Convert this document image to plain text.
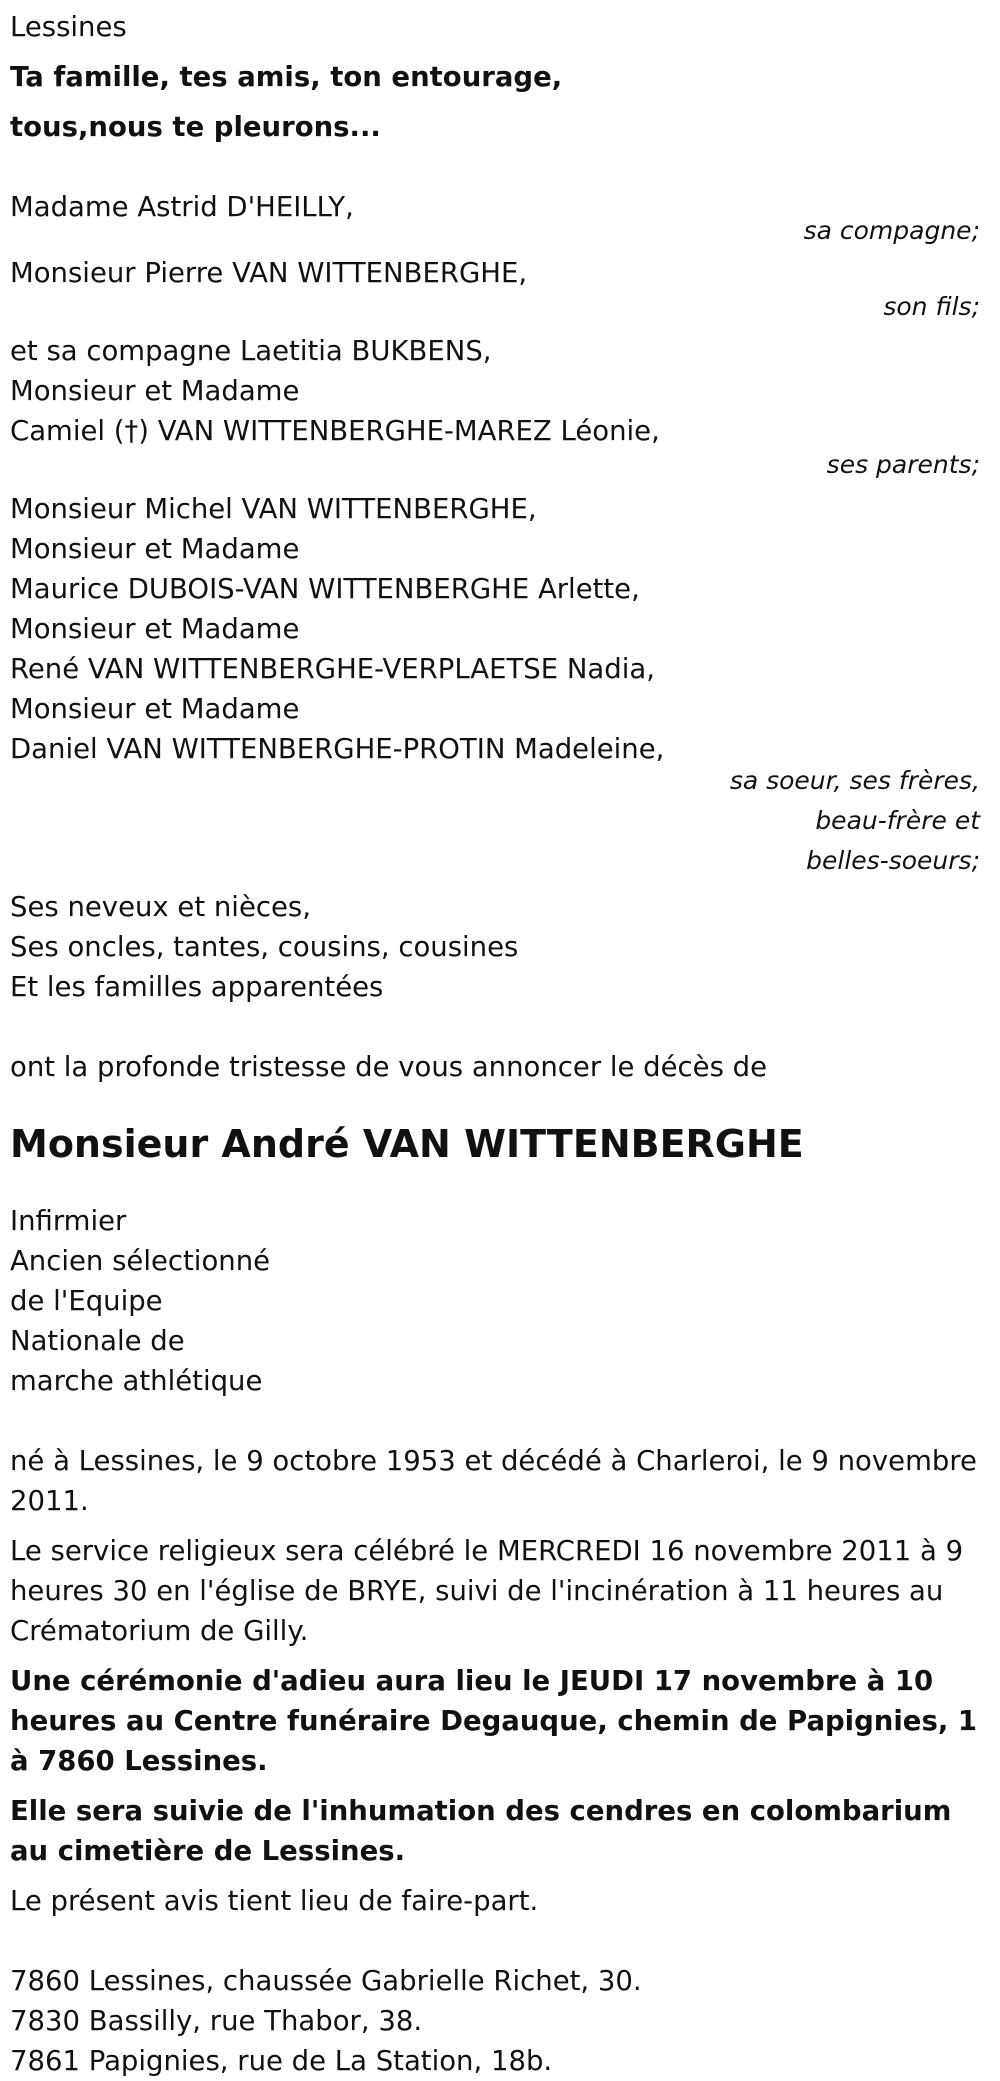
Lessines
Ta famille, tes amis, ton entourage,
tous,nous te pleurons...
Madame Astrid D'HEILLY,
sa compagne;
Monsieur Pierre VAN WITTENBERGHE,
son fils;
et sa compagne Laetitia BUKBENS,
Monsieur et Madame
Camiel (†) VAN WITTENBERGHE-MAREZ Léonie,
ses parents;
Monsieur Michel VAN WITTENBERGHE,
Monsieur et Madame
Maurice DUBOIS-VAN WITTENBERGHE Arlette,
Monsieur et Madame
René VAN WITTENBERGHE-VERPLAETSE Nadia,
Monsieur et Madame
Daniel VAN WITTENBERGHE-PROTIN Madeleine,
sa soeur, ses frères,
beau-frère et
belles-soeurs;
Ses neveux et nièces,
Ses oncles, tantes, cousins, cousines
Et les familles apparentées
ont la profonde tristesse de vous annoncer le décès de
Monsieur André VAN WITTENBERGHE
Infirmier
Ancien sélectionné
de l'Equipe
Nationale de
marche athlétique
né à Lessines, le 9 octobre 1953 et décédé à Charleroi, le 9 novembre 2011.
Le service religieux sera célébré le MERCREDI 16 novembre 2011 à 9 heures 30 en l'église de BRYE, suivi de l'incinération à 11 heures au Crématorium de Gilly.
Une cérémonie d'adieu aura lieu le JEUDI 17 novembre à 10 heures au Centre funéraire Degauque, chemin de Papignies, 1 à 7860 Lessines.
Elle sera suivie de l'inhumation des cendres en colombarium au cimetière de Lessines.
Le présent avis tient lieu de faire-part.
7860 Lessines, chaussée Gabrielle Richet, 30.
7830 Bassilly, rue Thabor, 38.
7861 Papignies, rue de La Station, 18b.
